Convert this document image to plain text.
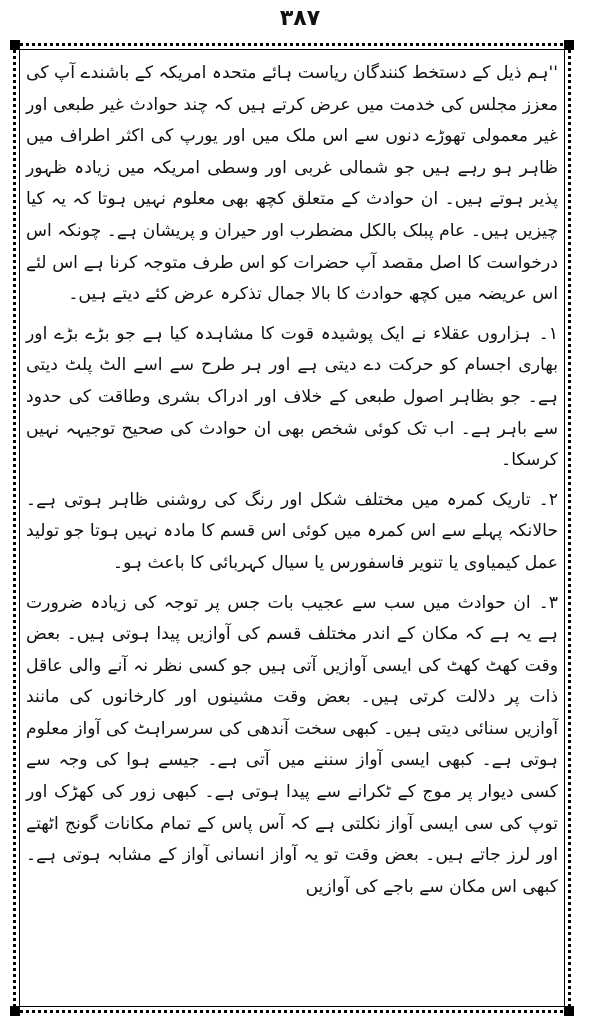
۳۸۷

''ہم ذیل کے دستخط کنندگان ریاست ہائے متحدہ امریکہ کے باشندے آپ کی معزز مجلس کی خدمت میں عرض کرتے ہیں کہ چند حوادث غیر طبعی اور غیر معمولی تھوڑے دنوں سے اس ملک میں اور یورپ کی اکثر اطراف میں ظاہر ہو رہے ہیں جو شمالی غربی اور وسطی امریکہ میں زیادہ ظہور پذیر ہوتے ہیں۔ ان حوادث کے متعلق کچھ بھی معلوم نہیں ہوتا کہ یہ کیا چیزیں ہیں۔ عام پبلک بالکل مضطرب اور حیران و پریشان ہے۔ چونکہ اس درخواست کا اصل مقصد آپ حضرات کو اس طرف متوجہ کرنا ہے اس لئے اس عریضہ میں کچھ حوادث کا بالا جمال تذکرہ عرض کئے دیتے ہیں۔

۱۔ہزاروں عقلاء نے ایک پوشیدہ قوت کا مشاہدہ کیا ہے جو بڑے بڑے اور بھاری اجسام کو حرکت دے دیتی ہے اور ہر طرح سے اسے الٹ پلٹ دیتی ہے۔ جو بظاہر اصول طبعی کے خلاف اور ادراک بشری وطاقت کی حدود سے باہر ہے۔ اب تک کوئی شخص بھی ان حوادث کی صحیح توجیہہ نہیں کرسکا۔

۲۔تاریک کمرہ میں مختلف شکل اور رنگ کی روشنی ظاہر ہوتی ہے۔ حالانکہ پہلے سے اس کمرہ میں کوئی اس قسم کا مادہ نہیں ہوتا جو تولید عمل کیمیاوی یا تنویر فاسفورس یا سیال کہربائی کا باعث ہو۔

۳۔ان حوادث میں سب سے عجیب بات جس پر توجہ کی زیادہ ضرورت ہے یہ ہے کہ مکان کے اندر مختلف قسم کی آوازیں پیدا ہوتی ہیں۔ بعض وقت کھٹ کھٹ کی ایسی آوازیں آتی ہیں جو کسی نظر نہ آنے والی عاقل ذات پر دلالت کرتی ہیں۔ بعض وقت مشینوں اور کارخانوں کی مانند آوازیں سنائی دیتی ہیں۔ کبھی سخت آندھی کی سرسراہٹ کی آواز معلوم ہوتی ہے۔ کبھی ایسی آواز سننے میں آتی ہے۔ جیسے ہوا کی وجہ سے کسی دیوار پر موج کے ٹکرانے سے پیدا ہوتی ہے۔ کبھی زور کی کھڑک اور توپ کی سی ایسی آواز نکلتی ہے کہ آس پاس کے تمام مکانات گونج اٹھتے اور لرز جاتے ہیں۔ بعض وقت تو یہ آواز انسانی آواز کے مشابہ ہوتی ہے۔ کبھی اس مکان سے باجے کی آوازیں
